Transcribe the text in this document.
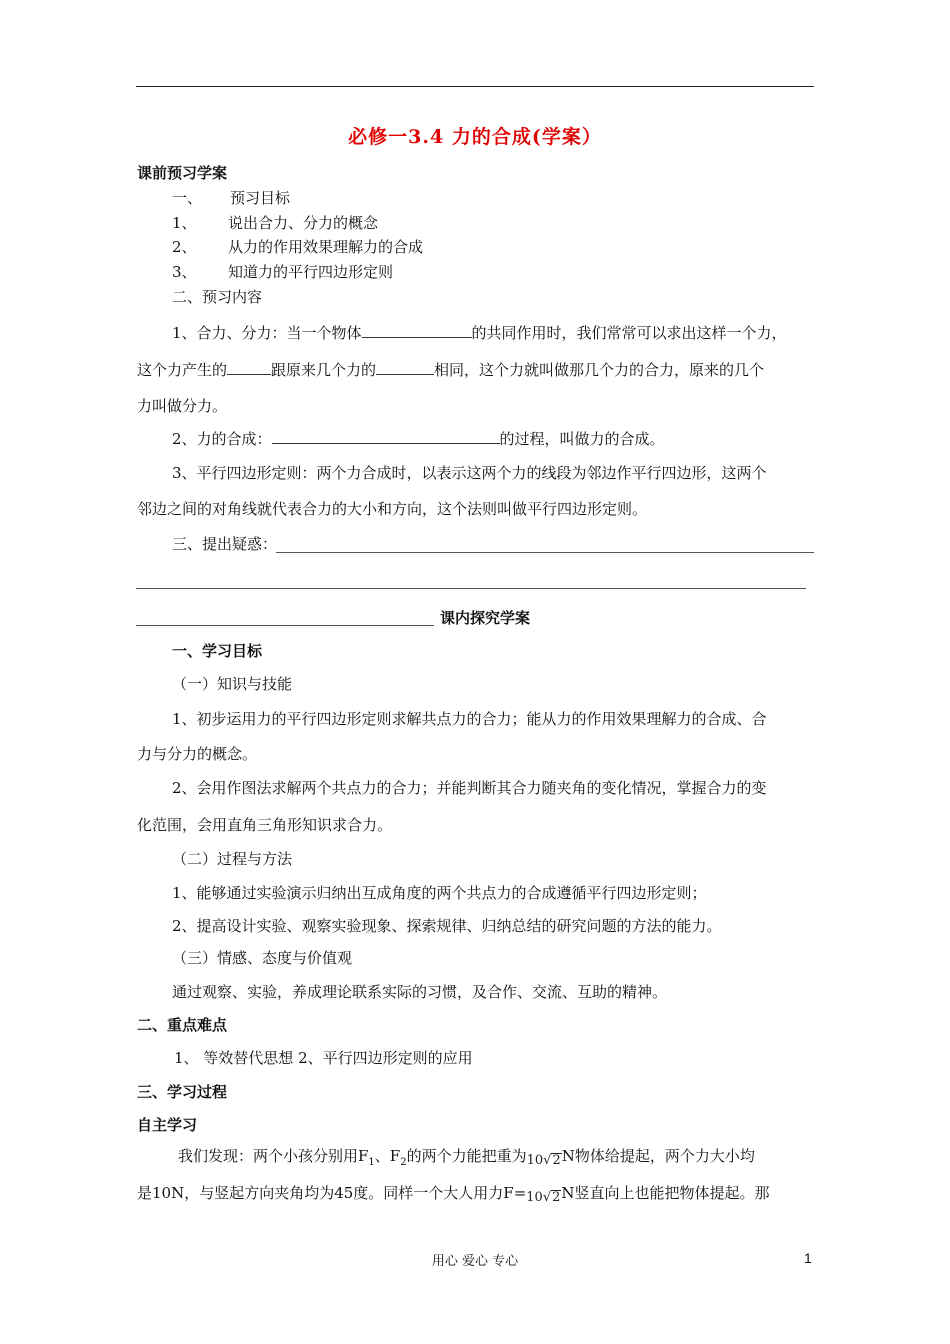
必修一3.4 力的合成(学案）
课前预习学案
一、 预习目标
1、 说出合力、分力的概念
2、 从力的作用效果理解力的合成
3、 知道力的平行四边形定则
二、预习内容
1、合力、分力：当一个物体	的共同作用时，我们常常可以求出这样一个力，
这个力产生的	跟原来几个力的	相同，这个力就叫做那几个力的合力，原来的几个
力叫做分力。
2、力的合成：	的过程，叫做力的合成。
3、平行四边形定则：两个力合成时，以表示这两个力的线段为邻边作平行四边形，这两个
邻边之间的对角线就代表合力的大小和方向，这个法则叫做平行四边形定则。
三、提出疑惑：
课内探究学案
一、学习目标
（一）知识与技能
1、初步运用力的平行四边形定则求解共点力的合力；能从力的作用效果理解力的合成、合
力与分力的概念。
2、会用作图法求解两个共点力的合力；并能判断其合力随夹角的变化情况，掌握合力的变
化范围，会用直角三角形知识求合力。
（二）过程与方法
1、能够通过实验演示归纳出互成角度的两个共点力的合成遵循平行四边形定则；
2、提高设计实验、观察实验现象、探索规律、归纳总结的研究问题的方法的能力。
（三）情感、态度与价值观
通过观察、实验，养成理论联系实际的习惯，及合作、交流、互助的精神。
二、重点难点
1、 等效替代思想 2、平行四边形定则的应用
三、学习过程
自主学习
我们发现：两个小孩分别用$F_1$、$F_2$的两个力能把重为10√2N物体给提起，两个力大小均
是10N，与竖起方向夹角均为45度。同样一个大人用力F=10√2N竖直向上也能把物体提起。那
用心 爱心 专心	1
